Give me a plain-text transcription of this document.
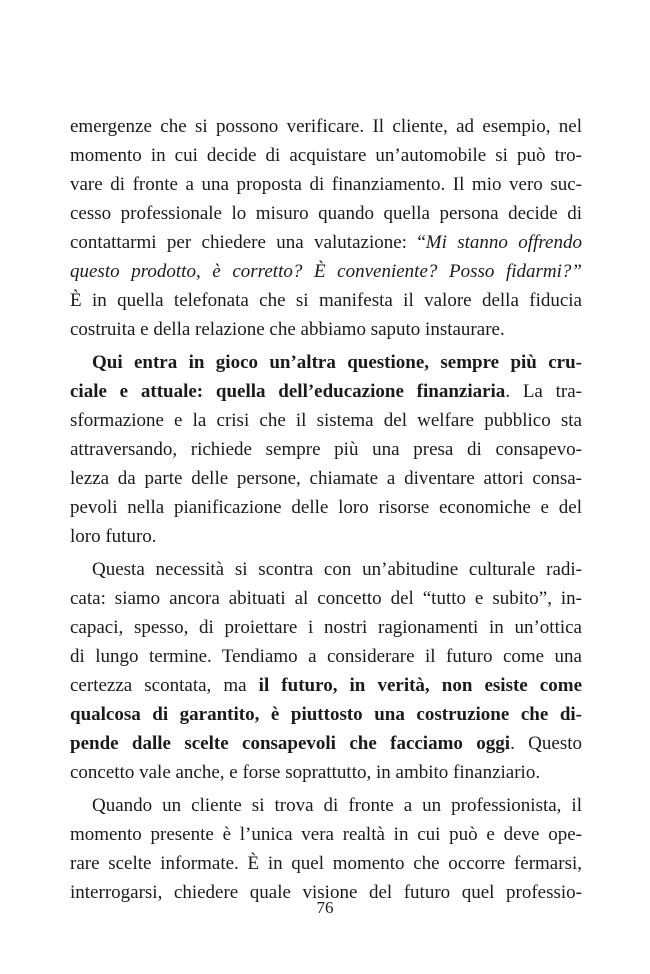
emergenze che si possono verificare. Il cliente, ad esempio, nel
momento in cui decide di acquistare un’automobile si può tro-
vare di fronte a una proposta di finanziamento. Il mio vero suc-
cesso professionale lo misuro quando quella persona decide di
contattarmi per chiedere una valutazione: “Mi stanno offrendo
questo prodotto, è corretto? È conveniente? Posso fidarmi?”
È in quella telefonata che si manifesta il valore della fiducia
costruita e della relazione che abbiamo saputo instaurare.
Qui entra in gioco un’altra questione, sempre più cru-
ciale e attuale: quella dell’educazione finanziaria. La tra-
sformazione e la crisi che il sistema del welfare pubblico sta
attraversando, richiede sempre più una presa di consapevo-
lezza da parte delle persone, chiamate a diventare attori consa-
pevoli nella pianificazione delle loro risorse economiche e del
loro futuro.
Questa necessità si scontra con un’abitudine culturale radi-
cata: siamo ancora abituati al concetto del “tutto e subito”, in-
capaci, spesso, di proiettare i nostri ragionamenti in un’ottica
di lungo termine. Tendiamo a considerare il futuro come una
certezza scontata, ma il futuro, in verità, non esiste come
qualcosa di garantito, è piuttosto una costruzione che di-
pende dalle scelte consapevoli che facciamo oggi. Questo
concetto vale anche, e forse soprattutto, in ambito finanziario.
Quando un cliente si trova di fronte a un professionista, il
momento presente è l’unica vera realtà in cui può e deve ope-
rare scelte informate. È in quel momento che occorre fermarsi,
interrogarsi, chiedere quale visione del futuro quel professio-
76
